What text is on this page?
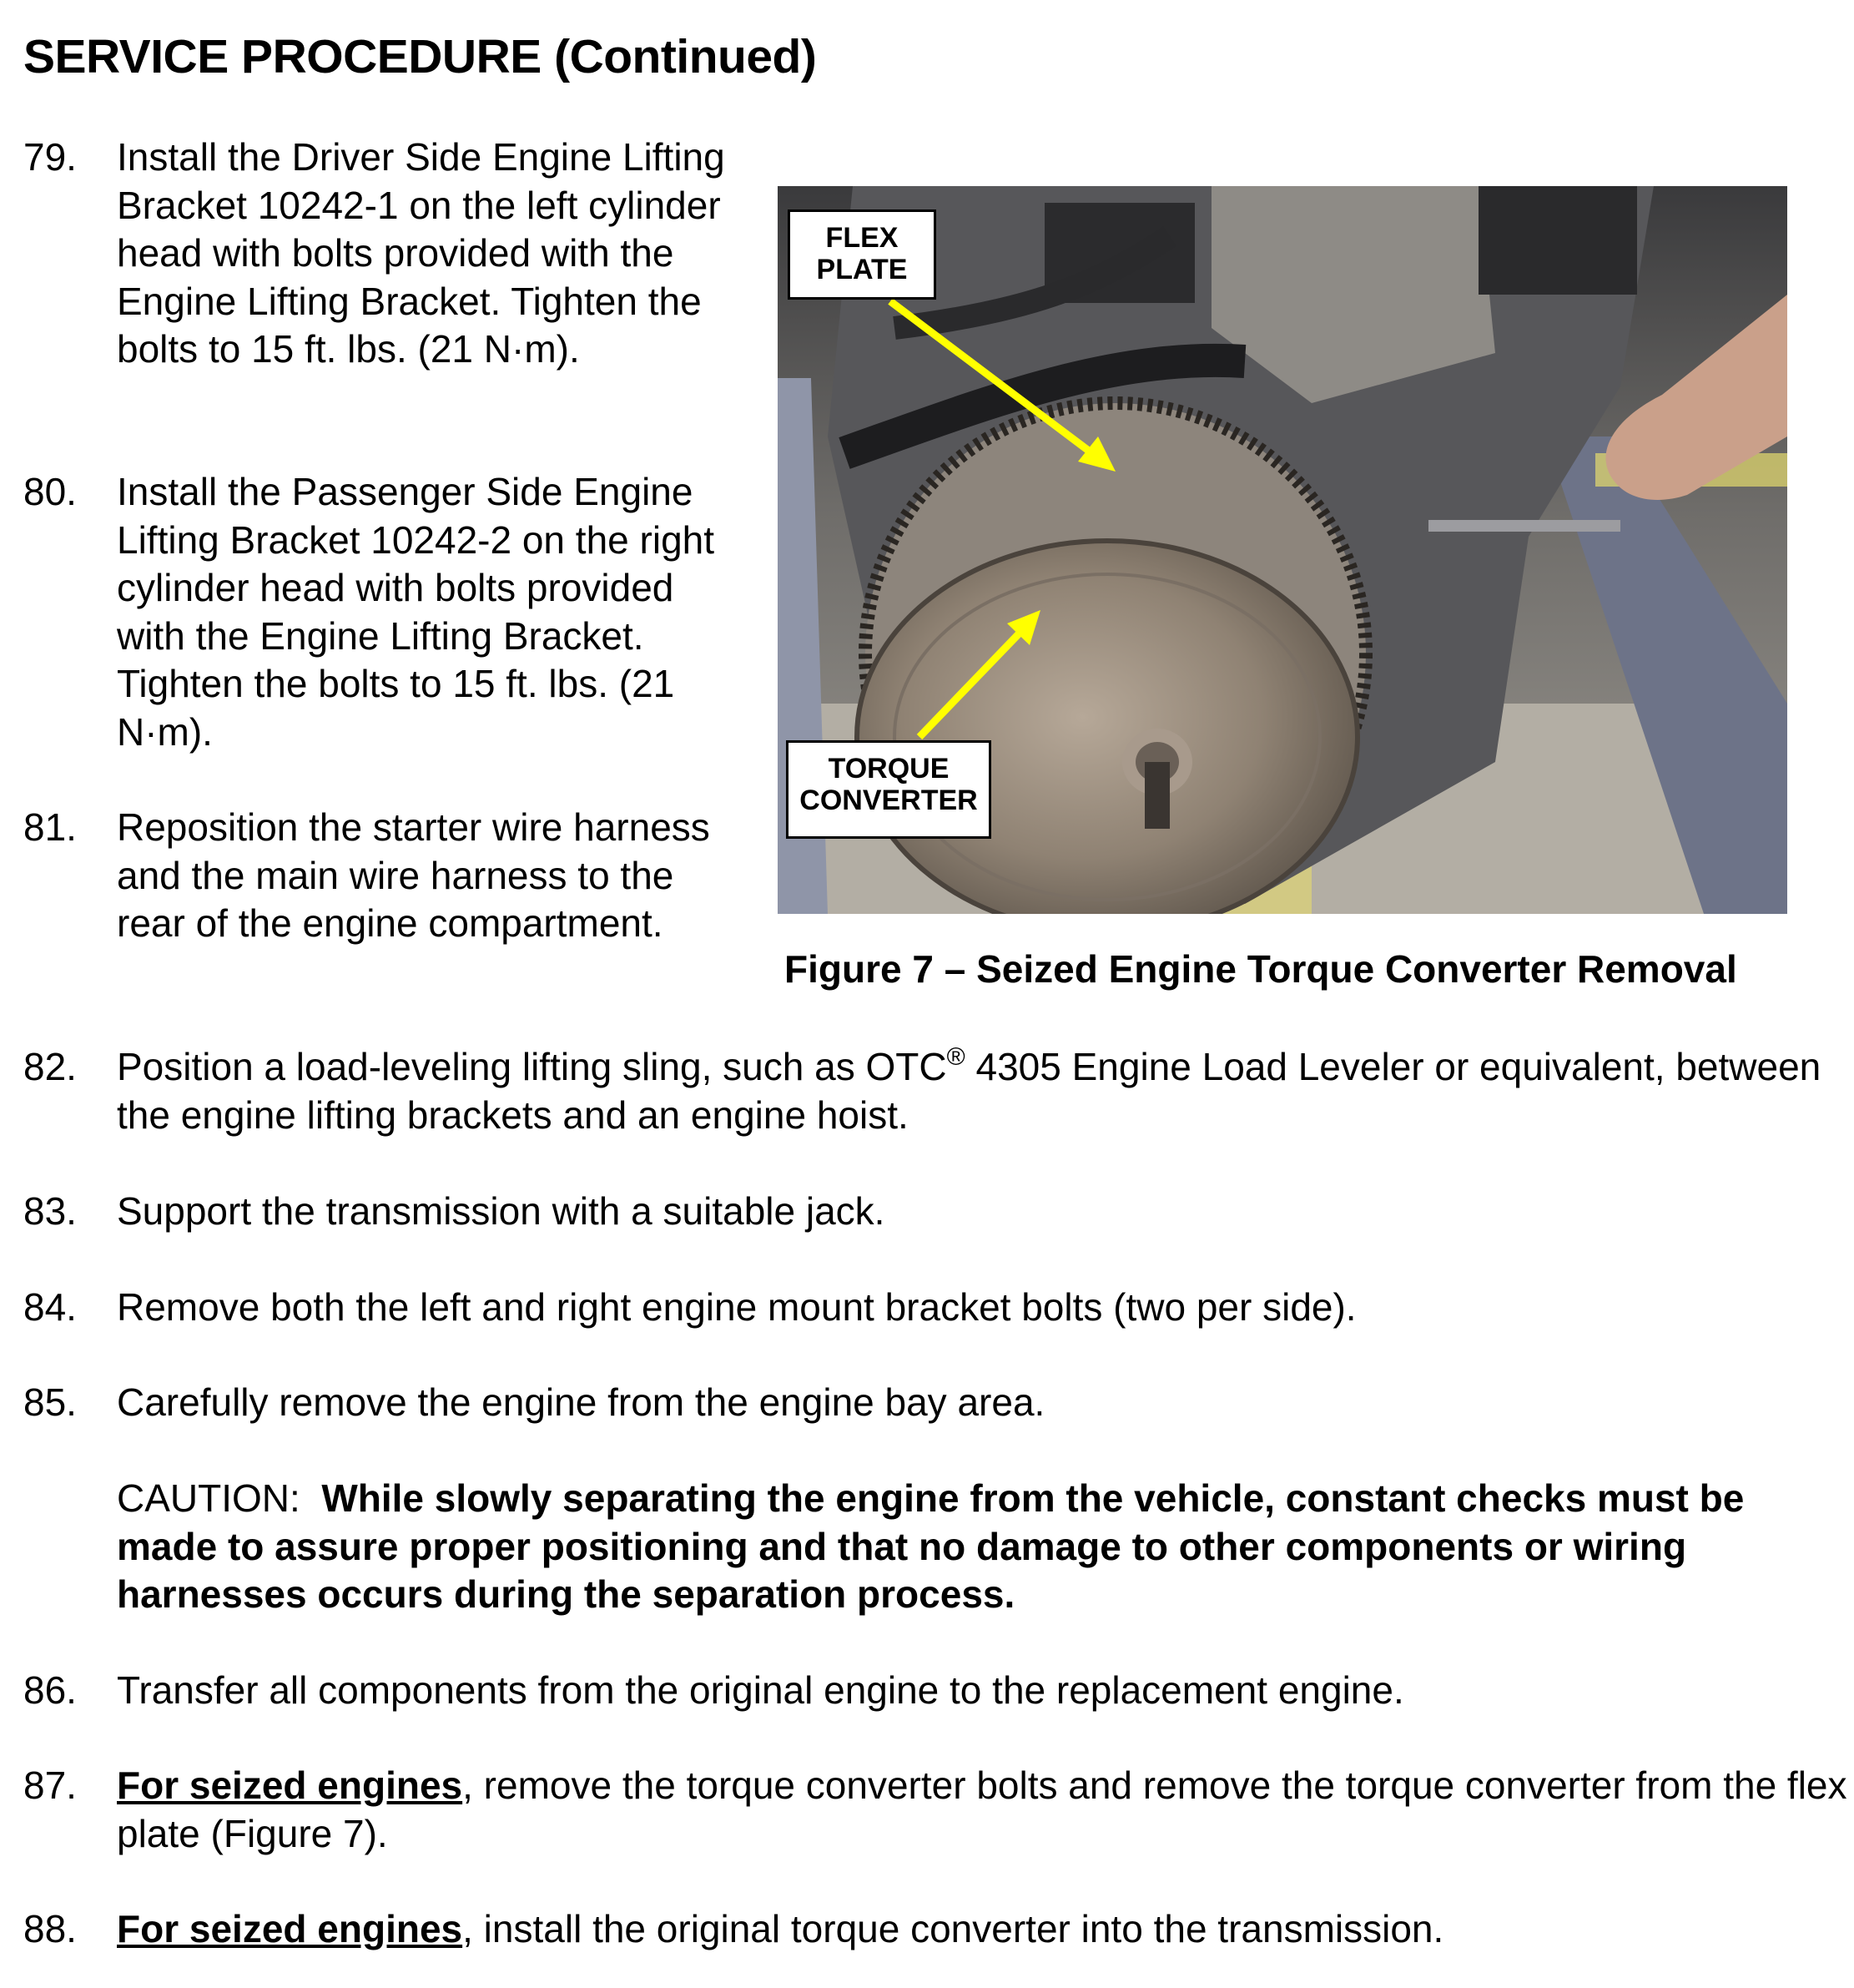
SERVICE PROCEDURE (Continued)
79. Install the Driver Side Engine Lifting Bracket 10242-1 on the left cylinder head with bolts provided with the Engine Lifting Bracket. Tighten the bolts to 15 ft. lbs. (21 N·m).
80. Install the Passenger Side Engine Lifting Bracket 10242-2 on the right cylinder head with bolts provided with the Engine Lifting Bracket. Tighten the bolts to 15 ft. lbs. (21 N·m).
81. Reposition the starter wire harness and the main wire harness to the rear of the engine compartment.
FLEX
PLATE
TORQUE
CONVERTER
Figure 7 – Seized Engine Torque Converter Removal
82. Position a load-leveling lifting sling, such as OTC® 4305 Engine Load Leveler or equivalent, between the engine lifting brackets and an engine hoist.
83. Support the transmission with a suitable jack.
84. Remove both the left and right engine mount bracket bolts (two per side).
85. Carefully remove the engine from the engine bay area.
CAUTION: While slowly separating the engine from the vehicle, constant checks must be made to assure proper positioning and that no damage to other components or wiring harnesses occurs during the separation process.
86. Transfer all components from the original engine to the replacement engine.
87. For seized engines, remove the torque converter bolts and remove the torque converter from the flex plate (Figure 7).
88. For seized engines, install the original torque converter into the transmission.
